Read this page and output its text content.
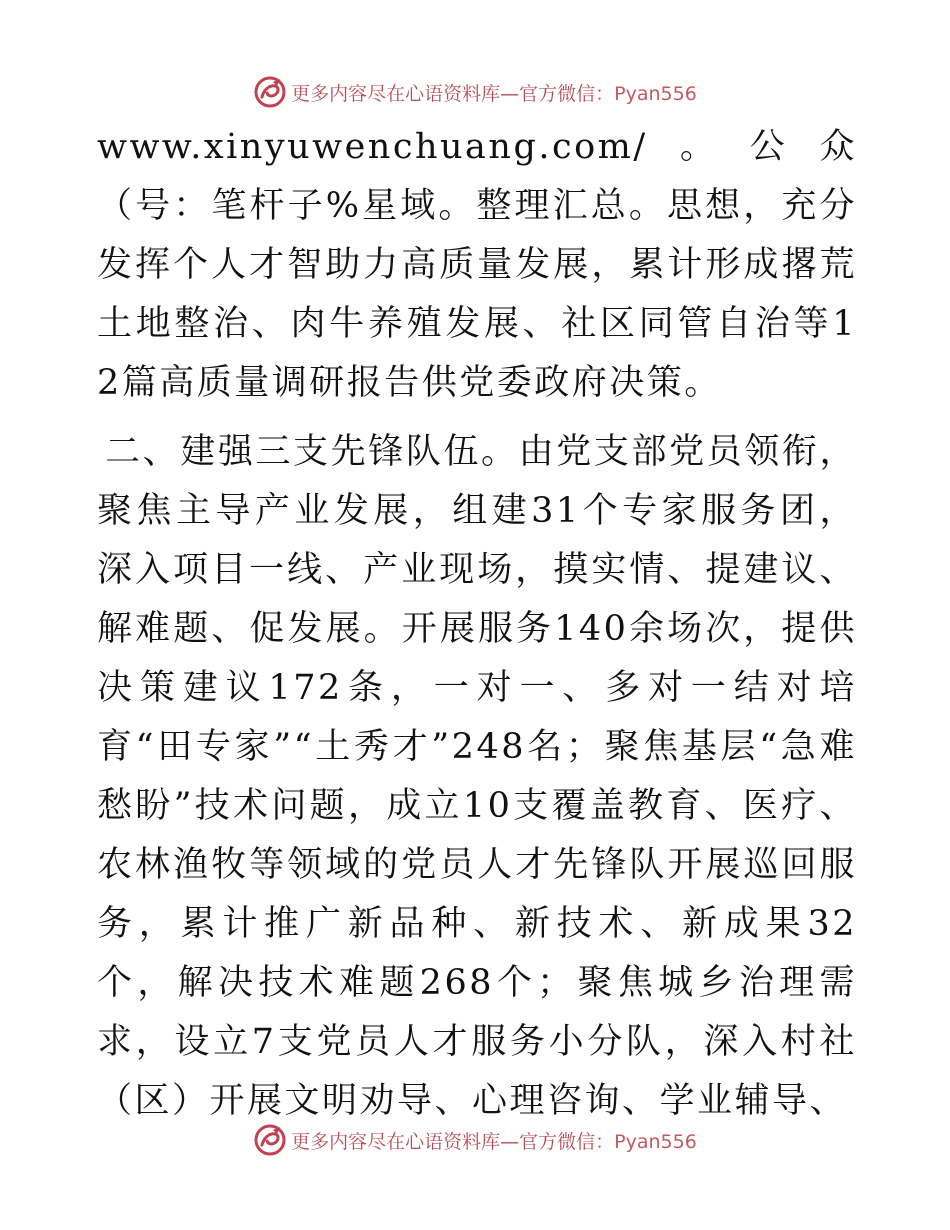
更多内容尽在心语资料库—官方微信：Pyan556

www.xinyuwenchuang.com/。公众（号：笔杆子%星域。整理汇总。思想，充分发挥个人才智助力高质量发展，累计形成撂荒土地整治、肉牛养殖发展、社区同管自治等12篇高质量调研报告供党委政府决策。

二、建强三支先锋队伍。由党支部党员领衔，聚焦主导产业发展，组建31个专家服务团，深入项目一线、产业现场，摸实情、提建议、解难题、促发展。开展服务140余场次，提供决策建议172条，一对一、多对一结对培育“田专家”“土秀才”248名；聚焦基层“急难愁盼”技术问题，成立10支覆盖教育、医疗、农林渔牧等领域的党员人才先锋队开展巡回服务，累计推广新品种、新技术、新成果32个，解决技术难题268个；聚焦城乡治理需求，设立7支党员人才服务小分队，深入村社（区）开展文明劝导、心理咨询、学业辅导、

更多内容尽在心语资料库—官方微信：Pyan556
